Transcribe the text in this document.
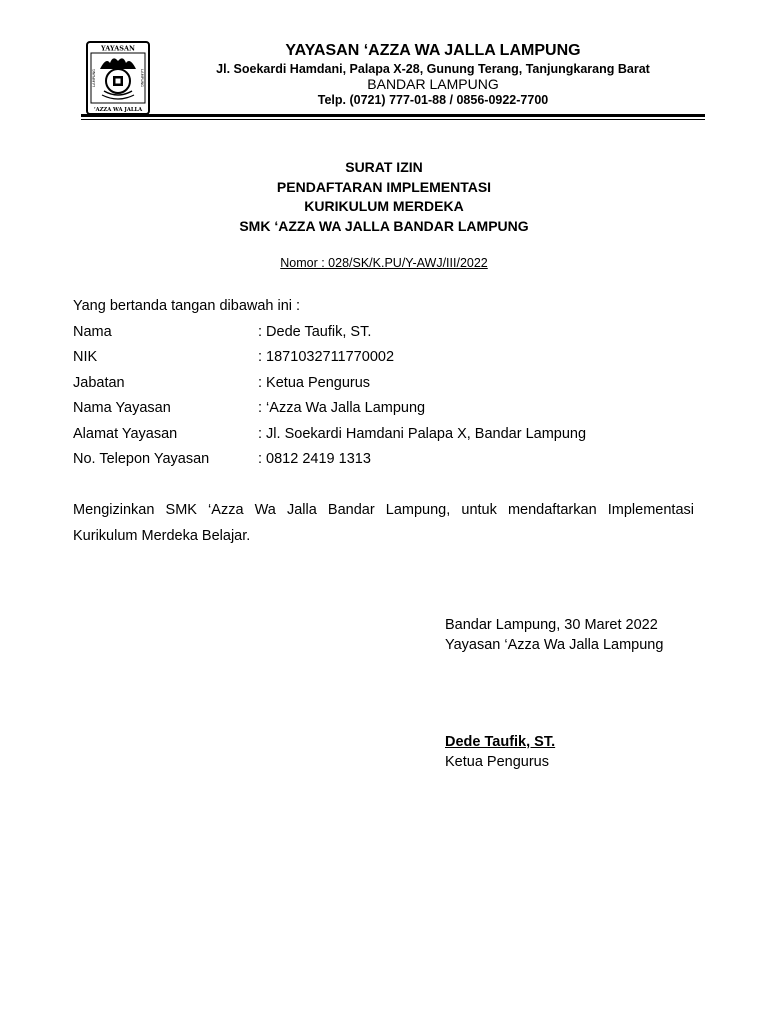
YAYASAN
’AZZA WA JALLA
LAMPUNG	LAMPUNG
YAYASAN ‘AZZA WA JALLA LAMPUNG
Jl. Soekardi Hamdani, Palapa X-28, Gunung Terang, Tanjungkarang Barat
BANDAR LAMPUNG
Telp. (0721) 777-01-88 / 0856-0922-7700
SURAT IZIN
PENDAFTARAN IMPLEMENTASI
KURIKULUM MERDEKA
SMK ‘AZZA WA JALLA BANDAR LAMPUNG
Nomor : 028/SK/K.PU/Y-AWJ/III/2022
Yang bertanda tangan dibawah ini :
Nama	: Dede Taufik, ST.
NIK	: 1871032711770002
Jabatan	: Ketua Pengurus
Nama Yayasan	: ‘Azza Wa Jalla Lampung
Alamat Yayasan	: Jl. Soekardi Hamdani Palapa X, Bandar Lampung
No. Telepon Yayasan	: 0812 2419 1313
Mengizinkan SMK ‘Azza Wa Jalla Bandar Lampung, untuk mendaftarkan Implementasi Kurikulum Merdeka Belajar.
Bandar Lampung, 30 Maret 2022
Yayasan ‘Azza Wa Jalla Lampung
Dede Taufik, ST.
Ketua Pengurus
